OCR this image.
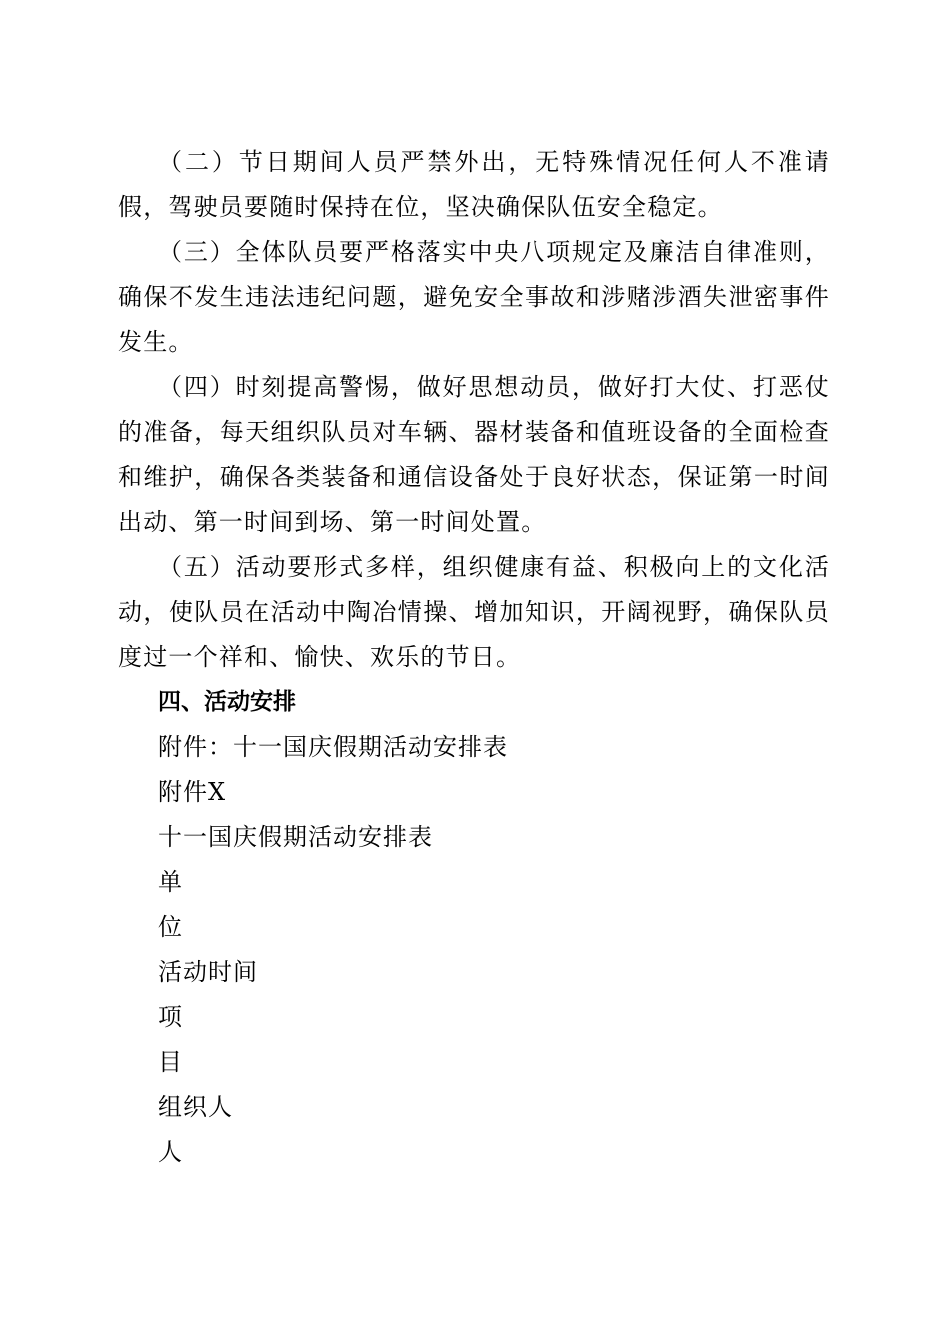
（二）节日期间人员严禁外出，无特殊情况任何人不准请假，驾驶员要随时保持在位，坚决确保队伍安全稳定。

（三）全体队员要严格落实中央八项规定及廉洁自律准则，确保不发生违法违纪问题，避免安全事故和涉赌涉酒失泄密事件发生。

（四）时刻提高警惕，做好思想动员，做好打大仗、打恶仗的准备，每天组织队员对车辆、器材装备和值班设备的全面检查和维护，确保各类装备和通信设备处于良好状态，保证第一时间出动、第一时间到场、第一时间处置。

（五）活动要形式多样，组织健康有益、积极向上的文化活动，使队员在活动中陶冶情操、增加知识，开阔视野，确保队员度过一个祥和、愉快、欢乐的节日。

四、活动安排

附件：十一国庆假期活动安排表

附件X

十一国庆假期活动安排表

单

位

活动时间

项

目

组织人

人
